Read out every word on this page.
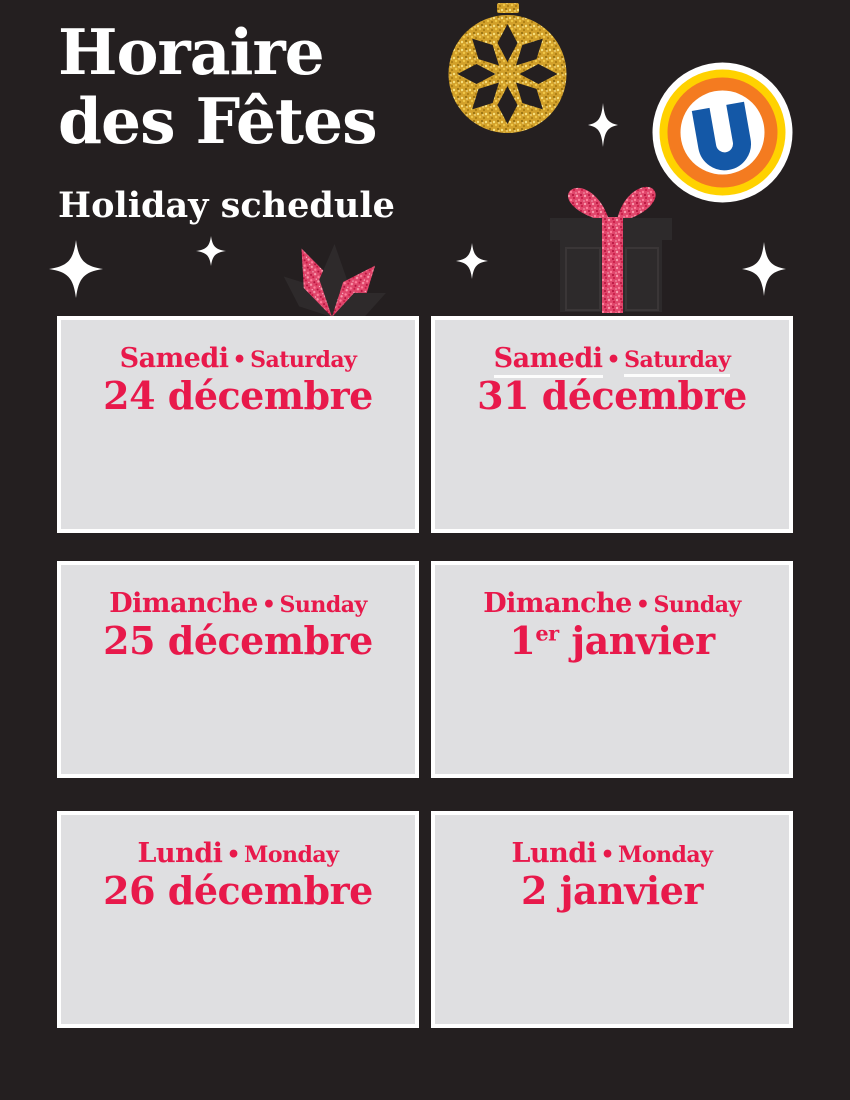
Horaire
des Fêtes
Holiday schedule
Samedi • Saturday
24 décembre
Samedi • Saturday
31 décembre
Dimanche • Sunday
25 décembre
Dimanche • Sunday
1er janvier
Lundi • Monday
26 décembre
Lundi • Monday
2 janvier
